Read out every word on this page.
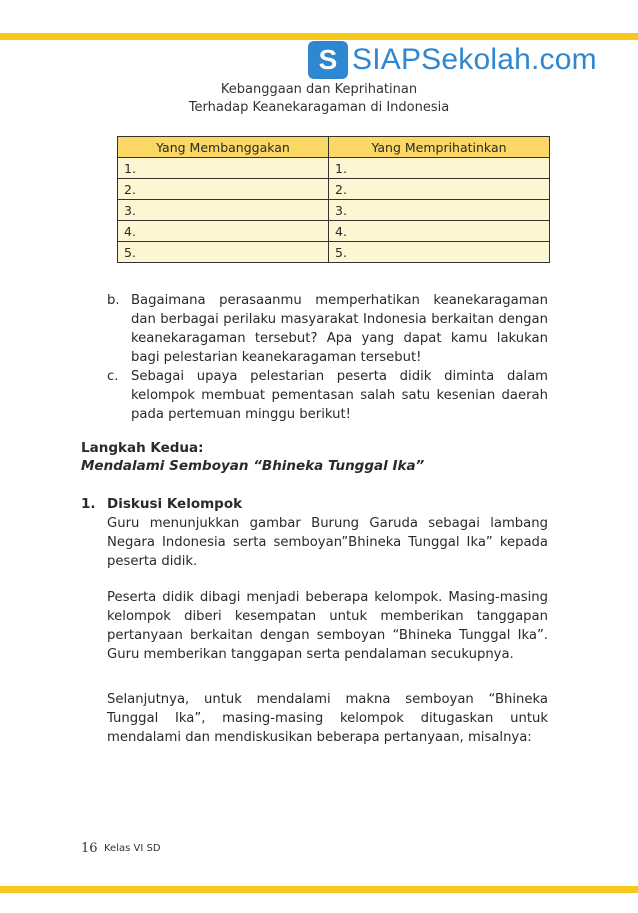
S SIAPSekolah.com
Kebanggaan dan Keprihatinan
Terhadap Keanekaragaman di Indonesia
Yang Membanggakan	Yang Memprihatinkan
1.	1.
2.	2.
3.	3.
4.	4.
5.	5.
b. Bagaimana perasaanmu memperhatikan keanekaragaman dan berbagai perilaku masyarakat Indonesia berkaitan dengan keanekaragaman tersebut? Apa yang dapat kamu lakukan bagi pelestarian keanekaragaman tersebut!
c. Sebagai upaya pelestarian peserta didik diminta dalam kelompok membuat pementasan salah satu kesenian daerah pada pertemuan minggu berikut!
Langkah Kedua:
Mendalami Semboyan “Bhineka Tunggal Ika”
1. Diskusi Kelompok
Guru menunjukkan gambar Burung Garuda sebagai lambang Negara Indonesia serta semboyan”Bhineka Tunggal Ika” kepada peserta didik.
Peserta didik dibagi menjadi beberapa kelompok. Masing-masing kelompok diberi kesempatan untuk memberikan tanggapan pertanyaan berkaitan dengan semboyan “Bhineka Tunggal Ika”. Guru memberikan tanggapan serta pendalaman secukupnya.
Selanjutnya, untuk mendalami makna semboyan “Bhineka Tunggal Ika”, masing-masing kelompok ditugaskan untuk mendalami dan mendiskusikan beberapa pertanyaan, misalnya:
16 Kelas VI SD
